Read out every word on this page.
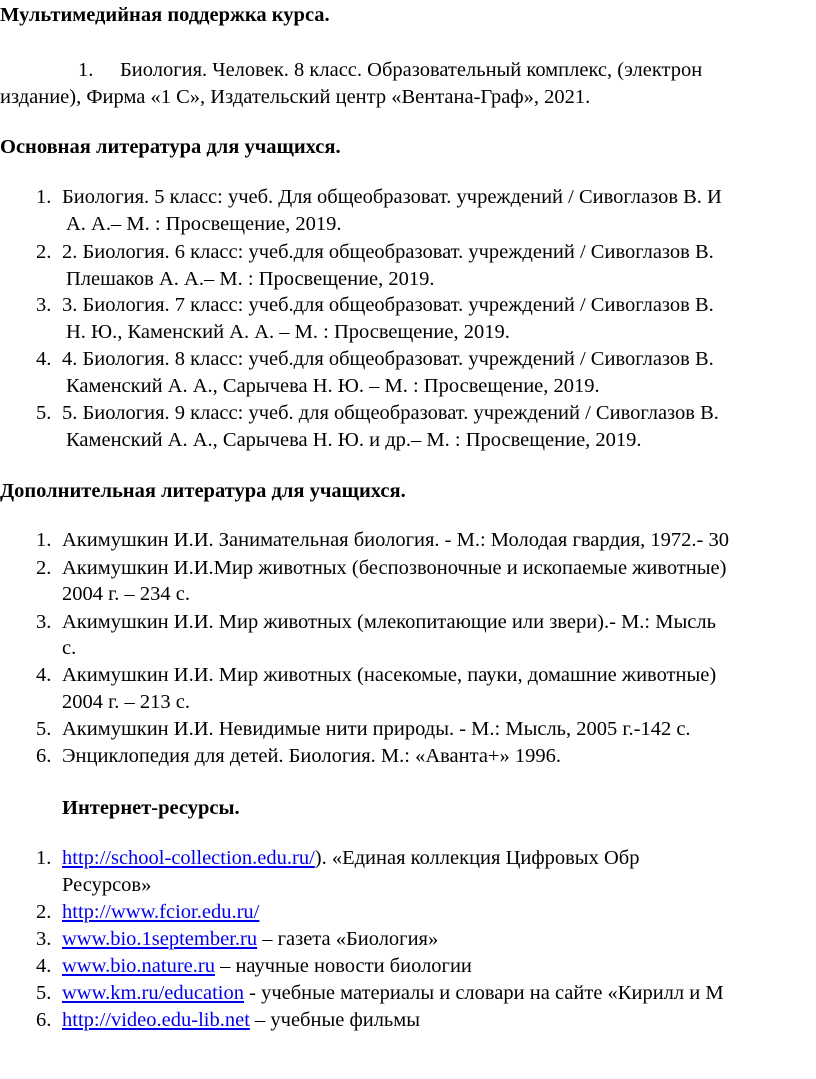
Мультимедийная поддержка курса.
1. Биология. Человек. 8 класс. Образовательный комплекс, (электрон
издание), Фирма «1 С», Издательский центр «Вентана-Граф», 2021.
Основная литература для учащихся.
1. Биология. 5 класс: учеб. Для общеобразоват. учреждений / Сивоглазов В. И
А. А.– М. : Просвещение, 2019.
2. 2. Биология. 6 класс: учеб.для общеобразоват. учреждений / Сивоглазов В.
Плешаков А. А.– М. : Просвещение, 2019.
3. 3. Биология. 7 класс: учеб.для общеобразоват. учреждений / Сивоглазов В.
Н. Ю., Каменский А. А. – М. : Просвещение, 2019.
4. 4. Биология. 8 класс: учеб.для общеобразоват. учреждений / Сивоглазов В.
Каменский А. А., Сарычева Н. Ю. – М. : Просвещение, 2019.
5. 5. Биология. 9 класс: учеб. для общеобразоват. учреждений / Сивоглазов В.
Каменский А. А., Сарычева Н. Ю. и др.– М. : Просвещение, 2019.
Дополнительная литература для учащихся.
1. Акимушкин И.И. Занимательная биология. - М.: Молодая гвардия, 1972.- 30
2. Акимушкин И.И.Мир животных (беспозвоночные и ископаемые животные)
2004 г. – 234 с.
3. Акимушкин И.И. Мир животных (млекопитающие или звери).- М.: Мысль
с.
4. Акимушкин И.И. Мир животных (насекомые, пауки, домашние животные)
2004 г. – 213 с.
5. Акимушкин И.И. Невидимые нити природы. - М.: Мысль, 2005 г.-142 с.
6. Энциклопедия для детей. Биология. М.: «Аванта+» 1996.
Интернет-ресурсы.
1. http://school-collection.edu.ru/). «Единая коллекция Цифровых Обр
Ресурсов»
2. http://www.fcior.edu.ru/
3. www.bio.1september.ru – газета «Биология»
4. www.bio.nature.ru – научные новости биологии
5. www.km.ru/education - учебные материалы и словари на сайте «Кирилл и М
6. http://video.edu-lib.net – учебные фильмы
